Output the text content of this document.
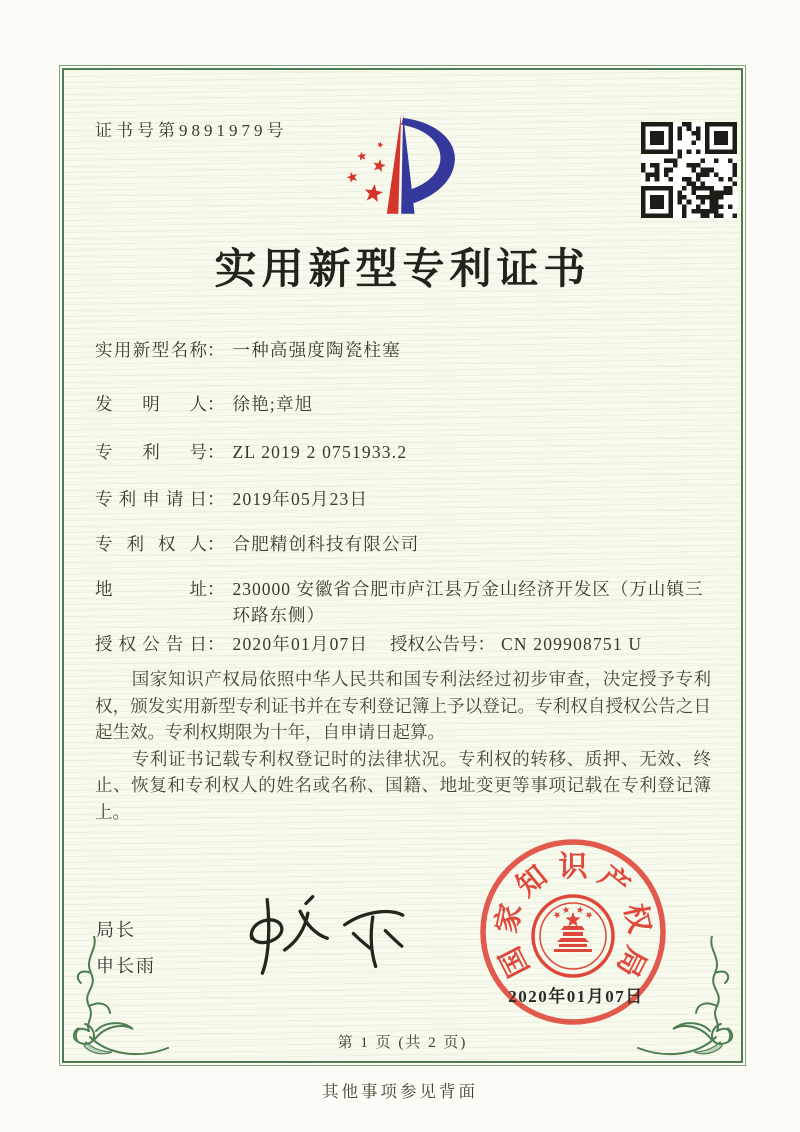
证书号第9891979号
实用新型专利证书
实用新型名称 ： 一种高强度陶瓷柱塞
发明人 ： 徐艳;章旭
专利号 ： ZL 2019 2 0751933.2
专利申请日 ： 2019年05月23日
专利权人 ： 合肥精创科技有限公司
地址 ： 230000 安徽省合肥市庐江县万金山经济开发区（万山镇三环路东侧）
授权公告日 ： 2020年01月07日 授权公告号 ： CN 209908751 U

国家知识产权局依照中华人民共和国专利法经过初步审查，决定授予专利权，颁发实用新型专利证书并在专利登记簿上予以登记。专利权自授权公告之日起生效。专利权期限为十年，自申请日起算。

专利证书记载专利权登记时的法律状况。专利权的转移、质押、无效、终止、恢复和专利权人的姓名或名称、国籍、地址变更等事项记载在专利登记簿上。

局长
申长雨	国
家
知 识 产
权
局
2020年01月07日
第 1 页 (共 2 页)
其他事项参见背面
